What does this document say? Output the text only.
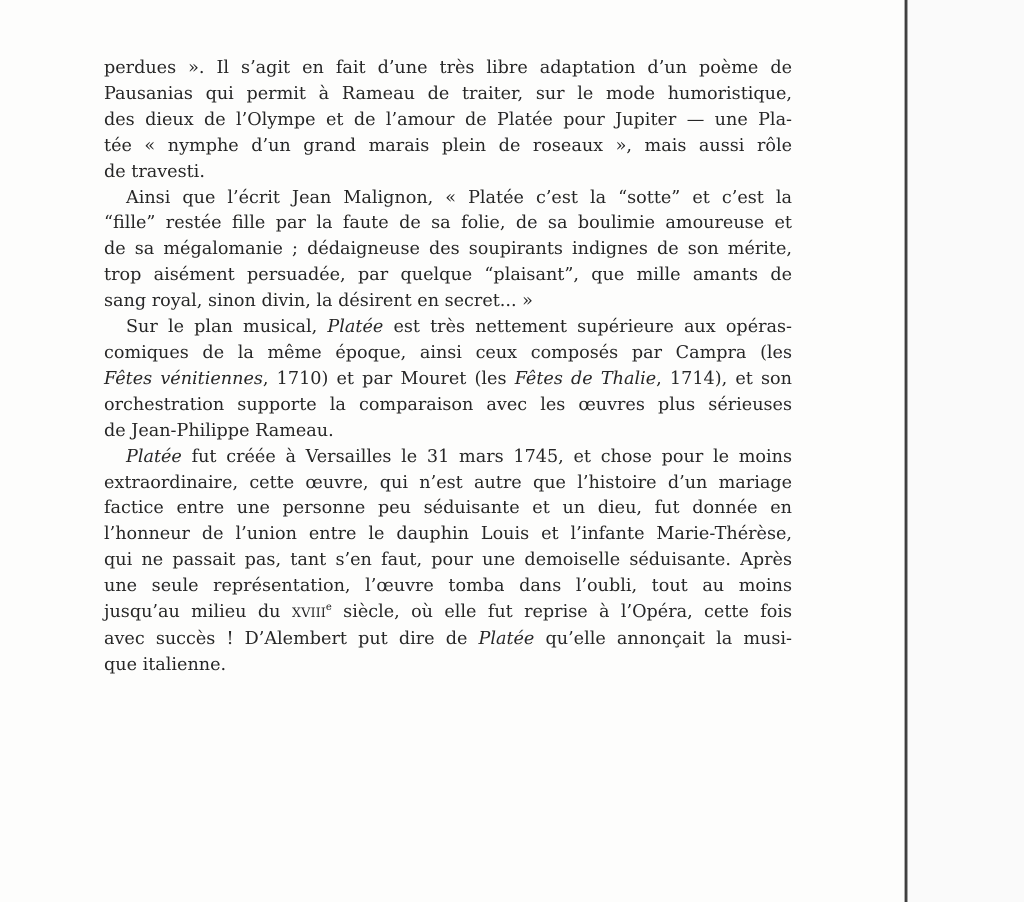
perdues ». Il s’agit en fait d’une très libre adaptation d’un poème de
Pausanias qui permit à Rameau de traiter, sur le mode humoristique,
des dieux de l’Olympe et de l’amour de Platée pour Jupiter — une Pla-
tée « nymphe d’un grand marais plein de roseaux », mais aussi rôle
de travesti.

Ainsi que l’écrit Jean Malignon, « Platée c’est la “sotte” et c’est la
“fille” restée fille par la faute de sa folie, de sa boulimie amoureuse et
de sa mégalomanie ; dédaigneuse des soupirants indignes de son mérite,
trop aisément persuadée, par quelque “plaisant”, que mille amants de
sang royal, sinon divin, la désirent en secret... »

Sur le plan musical, Platée est très nettement supérieure aux opéras-
comiques de la même époque, ainsi ceux composés par Campra (les
Fêtes vénitiennes, 1710) et par Mouret (les Fêtes de Thalie, 1714), et son
orchestration supporte la comparaison avec les œuvres plus sérieuses
de Jean-Philippe Rameau.

Platée fut créée à Versailles le 31 mars 1745, et chose pour le moins
extraordinaire, cette œuvre, qui n’est autre que l’histoire d’un mariage
factice entre une personne peu séduisante et un dieu, fut donnée en
l’honneur de l’union entre le dauphin Louis et l’infante Marie-Thérèse,
qui ne passait pas, tant s’en faut, pour une demoiselle séduisante. Après
une seule représentation, l’œuvre tomba dans l’oubli, tout au moins
jusqu’au milieu du XVIIIe siècle, où elle fut reprise à l’Opéra, cette fois
avec succès ! D’Alembert put dire de Platée qu’elle annonçait la musi-
que italienne.
